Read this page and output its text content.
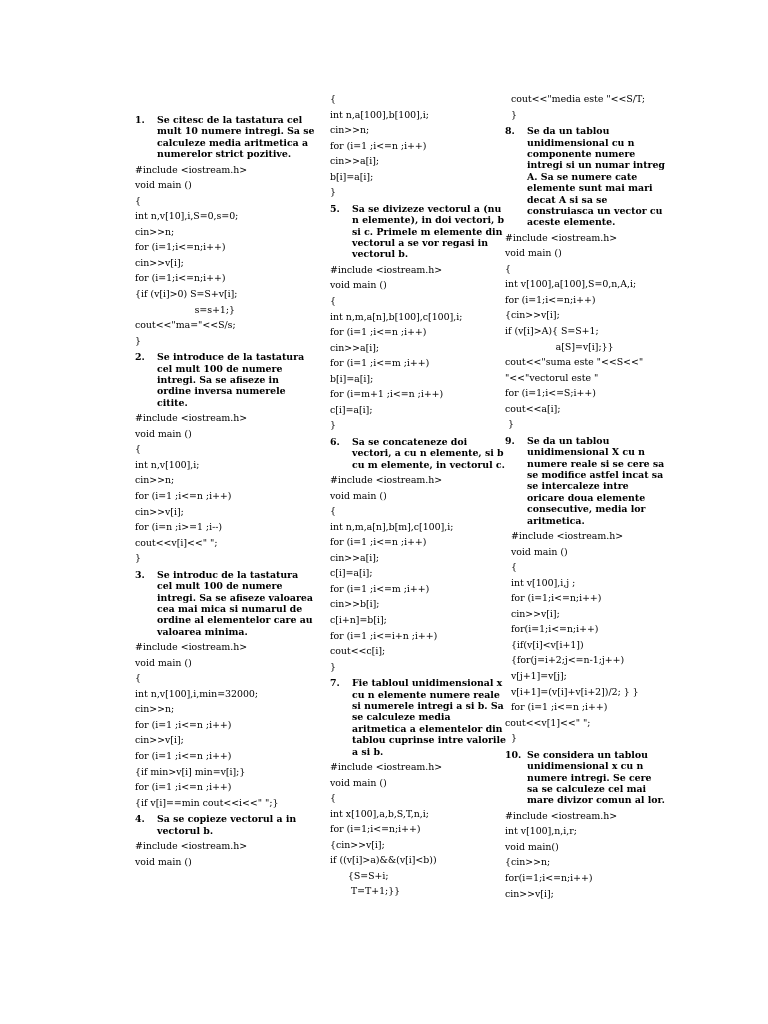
1. Se citesc de la tastatura cel mult 10 numere intregi. Sa se calculeze media aritmetica a numerelor strict pozitive.
#include <iostream.h>
void main ()
{
int n,v[10],i,S=0,s=0;
cin>>n;
for (i=1;i<=n;i++)
cin>>v[i];
for (i=1;i<=n;i++)
{if (v[i]>0) S=S+v[i];
s=s+1;}
cout<<"ma="<<S/s;
}
2. Se introduce de la tastatura cel mult 100 de numere intregi. Sa se afiseze in ordine inversa numerele citite.
#include <iostream.h>
void main ()
{
int n,v[100],i;
cin>>n;
for (i=1 ;i<=n ;i++)
cin>>v[i];
for (i=n ;i>=1 ;i--)
cout<<v[i]<<" ";
}
3. Se introduc de la tastatura cel mult 100 de numere intregi. Sa se afiseze valoarea cea mai mica si numarul de ordine al elementelor care au valoarea minima.
#include <iostream.h>
void main ()
{
int n,v[100],i,min=32000;
cin>>n;
for (i=1 ;i<=n ;i++)
cin>>v[i];
for (i=1 ;i<=n ;i++)
{if min>v[i] min=v[i];}
for (i=1 ;i<=n ;i++)
{if v[i]==min cout<<i<<" ";}
4. Sa se copieze vectorul a in vectorul b.
#include <iostream.h>
void main ()
{
int n,a[100],b[100],i;
cin>>n;
for (i=1 ;i<=n ;i++)
cin>>a[i];
b[i]=a[i];
}
5. Sa se divizeze vectorul a (nu n elemente), in doi vectori, b si c. Primele m elemente din vectorul a se vor regasi in vectorul b.
#include <iostream.h>
void main ()
{
int n,m,a[n],b[100],c[100],i;
for (i=1 ;i<=n ;i++)
cin>>a[i];
for (i=1 ;i<=m ;i++)
b[i]=a[i];
for (i=m+1 ;i<=n ;i++)
c[i]=a[i];
}
6. Sa se concateneze doi vectori, a cu n elemente, si b cu m elemente, in vectorul c.
#include <iostream.h>
void main ()
{
int n,m,a[n],b[m],c[100],i;
for (i=1 ;i<=n ;i++)
cin>>a[i];
c[i]=a[i];
for (i=1 ;i<=m ;i++)
cin>>b[i];
c[i+n]=b[i];
for (i=1 ;i<=i+n ;i++)
cout<<c[i];
}
7. Fie tabloul unidimensional x cu n elemente numere reale si numerele intregi a si b. Sa se calculeze media aritmetica a elementelor din tablou cuprinse intre valorile a si b.
#include <iostream.h>
void main ()
{
int x[100],a,b,S,T,n,i;
for (i=1;i<=n;i++)
{cin>>v[i];
if ((v[i]>a)&&(v[i]<b))
{S=S+i;
T=T+1;}}
cout<<"media este "<<S/T;
}
8. Se da un tablou unidimensional cu n componente numere intregi si un numar intreg A. Sa se numere cate elemente sunt mai mari decat A si sa se construiasca un vector cu aceste elemente.
#include <iostream.h>
void main ()
{
int v[100],a[100],S=0,n,A,i;
for (i=1;i<=n;i++)
{cin>>v[i];
if (v[i]>A){ S=S+1;
a[S]=v[i];}}
cout<<"suma este "<<S<<"
"<<"vectorul este "
for (i=1;i<=S;i++)
cout<<a[i];
}
9. Se da un tablou unidimensional X cu n numere reale si se cere sa se modifice astfel incat sa se intercaleze intre oricare doua elemente consecutive, media lor aritmetica.
#include <iostream.h>
void main ()
{
int v[100],i,j ;
for (i=1;i<=n;i++)
cin>>v[i];
for(i=1;i<=n;i++)
{if(v[i]<v[i+1])
{for(j=i+2;j<=n-1;j++)
v[j+1]=v[j];
v[i+1]=(v[i]+v[i+2])/2; } }
for (i=1 ;i<=n ;i++)
cout<<v[1]<<" ";
}
10. Se considera un tablou unidimensional x cu n numere intregi. Se cere sa se calculeze cel mai mare divizor comun al lor.
#include <iostream.h>
int v[100],n,i,r;
void main()
{cin>>n;
for(i=1;i<=n;i++)
cin>>v[i];
